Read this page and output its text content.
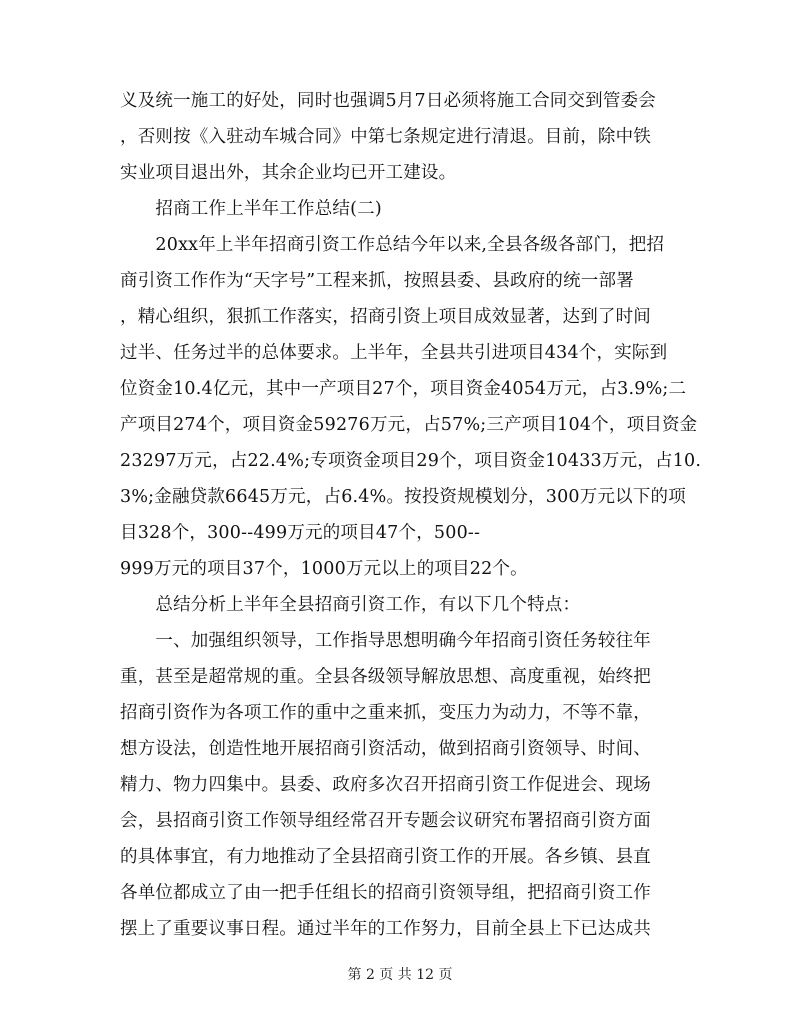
义及统一施工的好处，同时也强调5月7日必须将施工合同交到管委会
，否则按《入驻动车城合同》中第七条规定进行清退。目前，除中铁
实业项目退出外，其余企业均已开工建设。
　　招商工作上半年工作总结(二)
　　20xx年上半年招商引资工作总结今年以来,全县各级各部门，把招
商引资工作作为“天字号”工程来抓，按照县委、县政府的统一部署
，精心组织，狠抓工作落实，招商引资上项目成效显著，达到了时间
过半、任务过半的总体要求。上半年，全县共引进项目434个，实际到
位资金10.4亿元，其中一产项目27个，项目资金4054万元，占3.9%;二
产项目274个，项目资金59276万元，占57%;三产项目104个，项目资金
23297万元，占22.4%;专项资金项目29个，项目资金10433万元，占10.
3%;金融贷款6645万元，占6.4%。按投资规模划分，300万元以下的项
目328个，300--499万元的项目47个，500--
999万元的项目37个，1000万元以上的项目22个。
　　总结分析上半年全县招商引资工作，有以下几个特点：
　　一、加强组织领导，工作指导思想明确今年招商引资任务较往年
重，甚至是超常规的重。全县各级领导解放思想、高度重视，始终把
招商引资作为各项工作的重中之重来抓，变压力为动力，不等不靠，
想方设法，创造性地开展招商引资活动，做到招商引资领导、时间、
精力、物力四集中。县委、政府多次召开招商引资工作促进会、现场
会，县招商引资工作领导组经常召开专题会议研究布署招商引资方面
的具体事宜，有力地推动了全县招商引资工作的开展。各乡镇、县直
各单位都成立了由一把手任组长的招商引资领导组，把招商引资工作
摆上了重要议事日程。通过半年的工作努力，目前全县上下已达成共
第 2 页 共 12 页
